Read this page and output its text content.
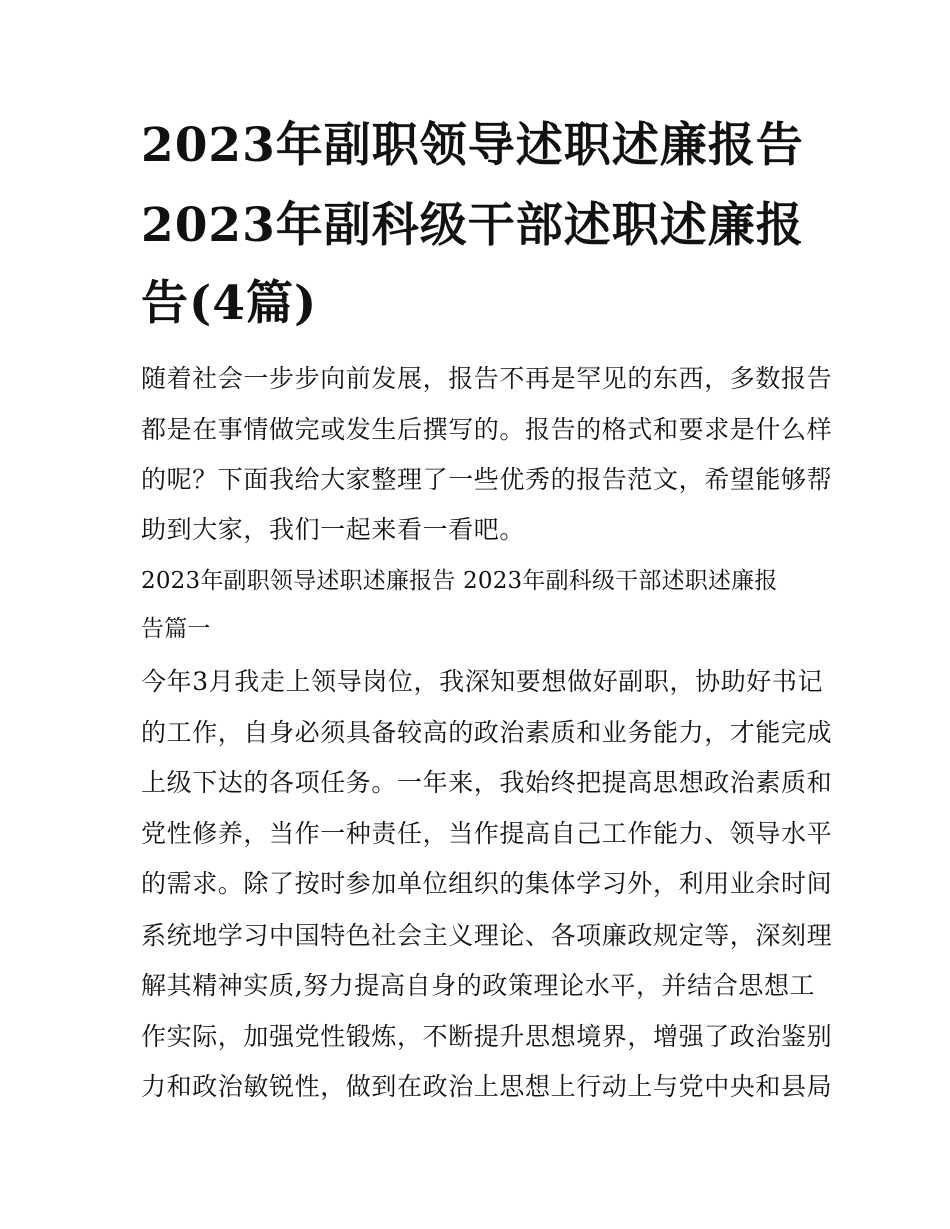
2023年副职领导述职述廉报告
2023年副科级干部述职述廉报
告(4篇)
随着社会一步步向前发展，报告不再是罕见的东西，多数报告
都是在事情做完或发生后撰写的。报告的格式和要求是什么样
的呢？下面我给大家整理了一些优秀的报告范文，希望能够帮
助到大家，我们一起来看一看吧。
2023年副职领导述职述廉报告 2023年副科级干部述职述廉报
告篇一
今年3月我走上领导岗位，我深知要想做好副职，协助好书记
的工作，自身必须具备较高的政治素质和业务能力，才能完成
上级下达的各项任务。一年来，我始终把提高思想政治素质和
党性修养，当作一种责任，当作提高自己工作能力、领导水平
的需求。除了按时参加单位组织的集体学习外，利用业余时间
系统地学习中国特色社会主义理论、各项廉政规定等，深刻理
解其精神实质,努力提高自身的政策理论水平，并结合思想工
作实际，加强党性锻炼，不断提升思想境界，增强了政治鉴别
力和政治敏锐性，做到在政治上思想上行动上与党中央和县局
